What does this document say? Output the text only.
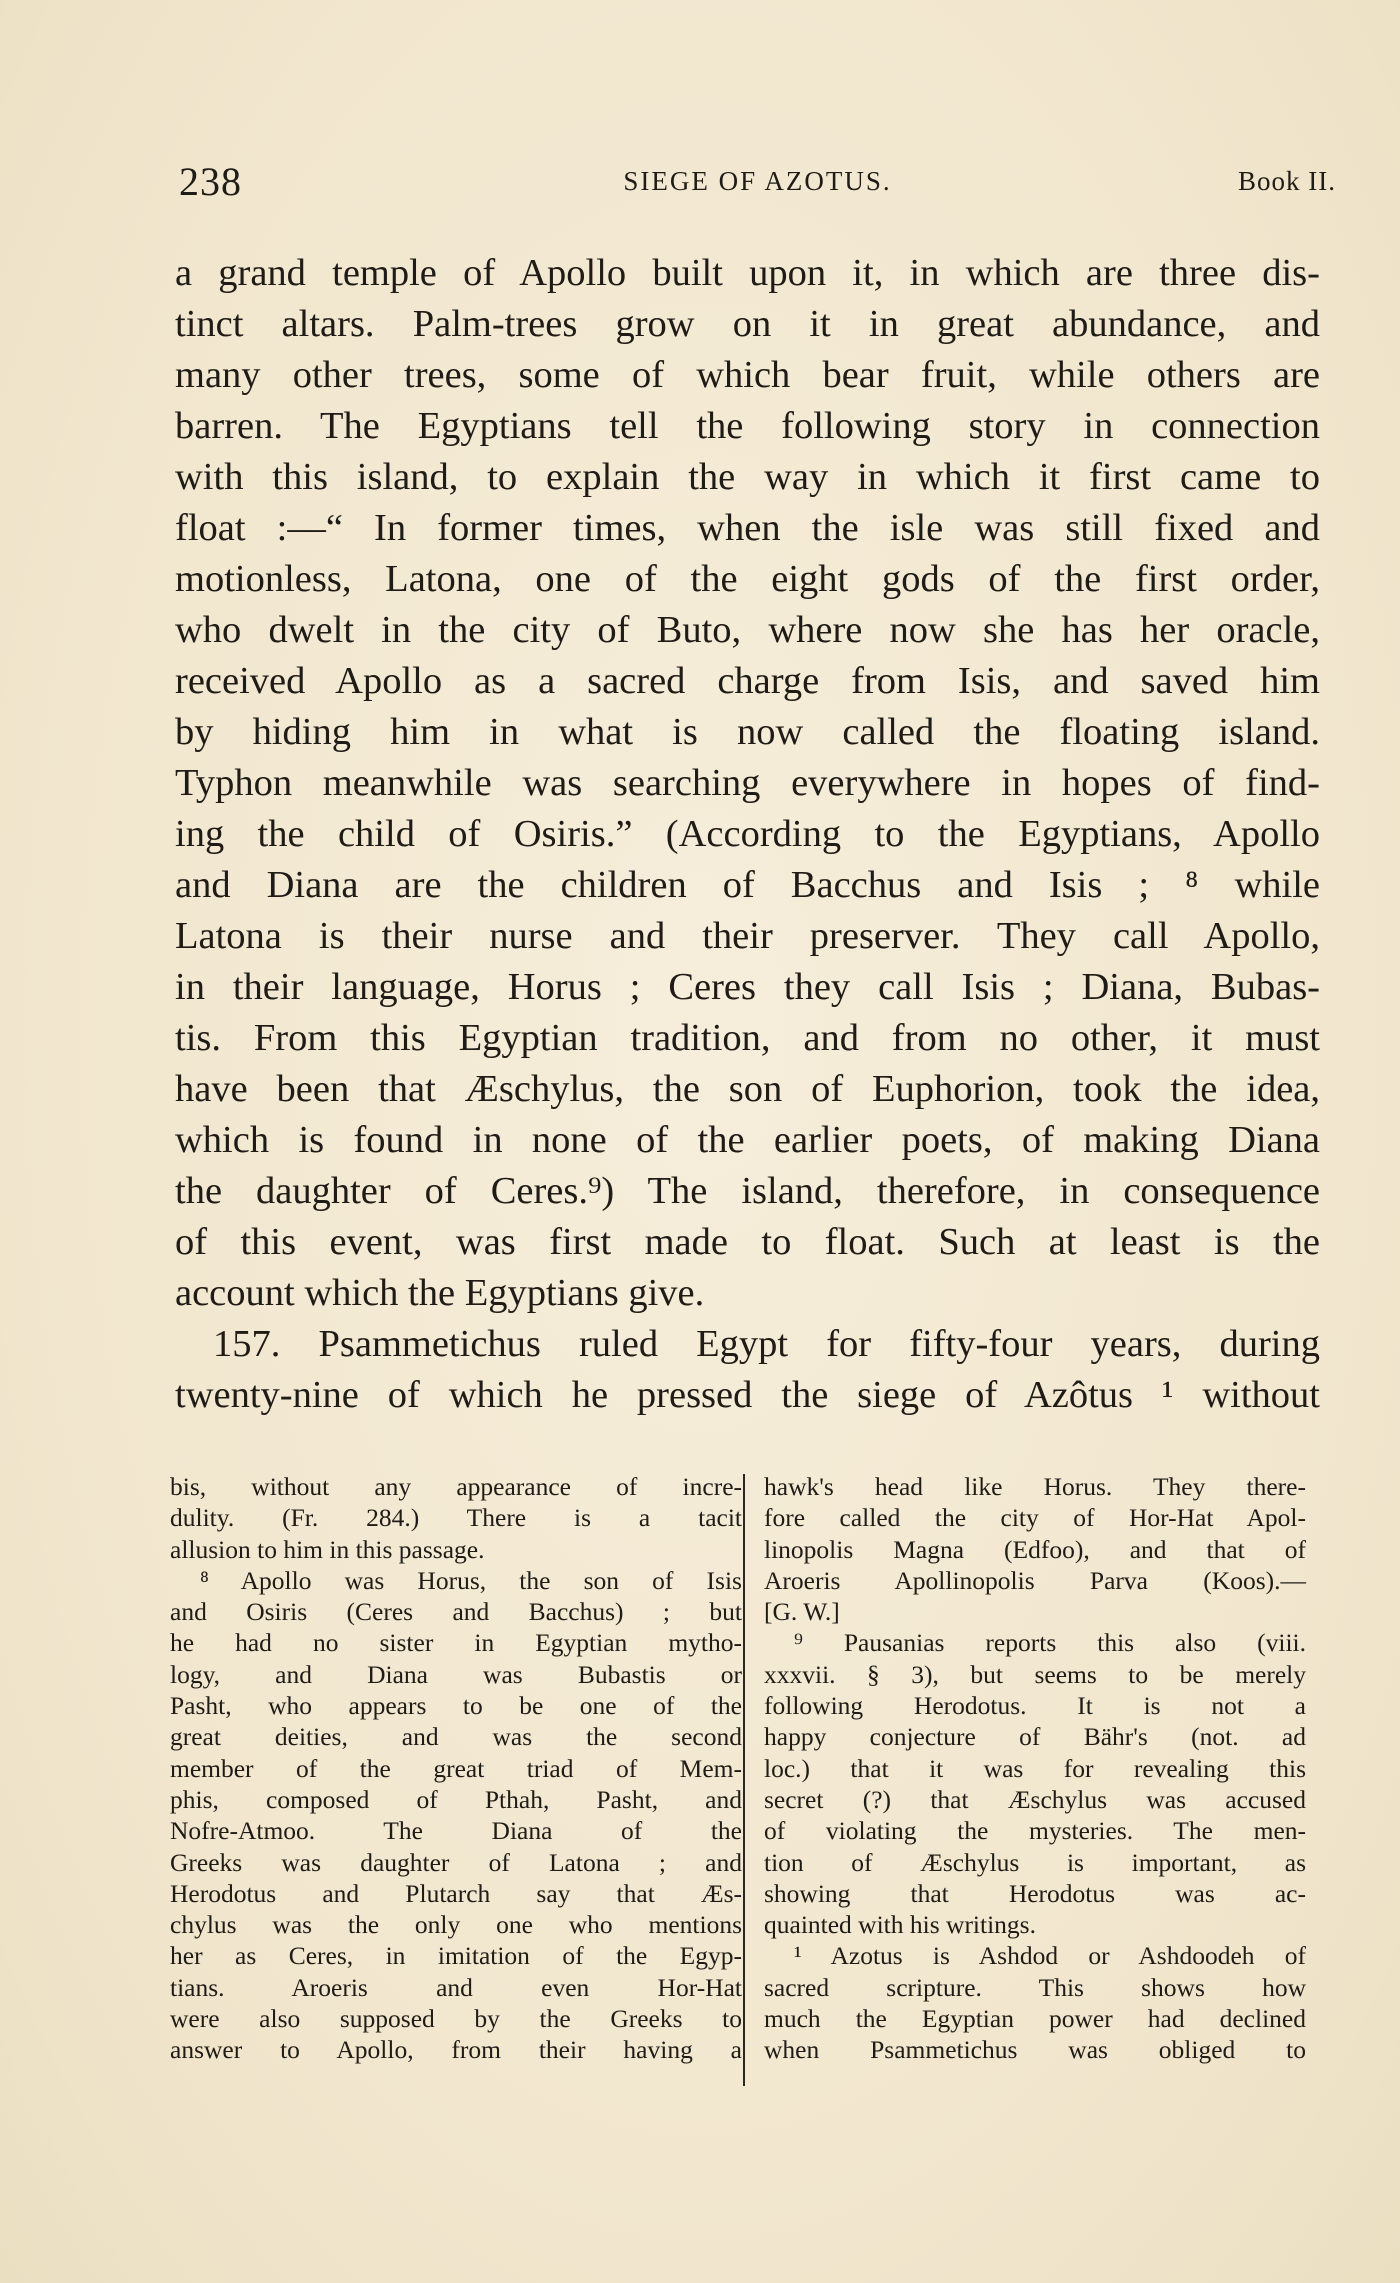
238	SIEGE OF AZOTUS.	Book II.
a grand temple of Apollo built upon it, in which are three dis-
tinct altars. Palm-trees grow on it in great abundance, and
many other trees, some of which bear fruit, while others are
barren. The Egyptians tell the following story in connection
with this island, to explain the way in which it first came to
float :—“ In former times, when the isle was still fixed and
motionless, Latona, one of the eight gods of the first order,
who dwelt in the city of Buto, where now she has her oracle,
received Apollo as a sacred charge from Isis, and saved him
by hiding him in what is now called the floating island.
Typhon meanwhile was searching everywhere in hopes of find-
ing the child of Osiris.” (According to the Egyptians, Apollo
and Diana are the children of Bacchus and Isis ; ⁸ while
Latona is their nurse and their preserver. They call Apollo,
in their language, Horus ; Ceres they call Isis ; Diana, Bubas-
tis. From this Egyptian tradition, and from no other, it must
have been that Æschylus, the son of Euphorion, took the idea,
which is found in none of the earlier poets, of making Diana
the daughter of Ceres.⁹) The island, therefore, in consequence
of this event, was first made to float. Such at least is the
account which the Egyptians give.
157. Psammetichus ruled Egypt for fifty-four years, during
twenty-nine of which he pressed the siege of Azôtus ¹ without
bis, without any appearance of incre-
dulity. (Fr. 284.) There is a tacit
allusion to him in this passage.
⁸ Apollo was Horus, the son of Isis
and Osiris (Ceres and Bacchus) ; but
he had no sister in Egyptian mytho-
logy, and Diana was Bubastis or
Pasht, who appears to be one of the
great deities, and was the second
member of the great triad of Mem-
phis, composed of Pthah, Pasht, and
Nofre-Atmoo. The Diana of the
Greeks was daughter of Latona ; and
Herodotus and Plutarch say that Æs-
chylus was the only one who mentions
her as Ceres, in imitation of the Egyp-
tians. Aroeris and even Hor-Hat
were also supposed by the Greeks to
answer to Apollo, from their having a
hawk's head like Horus. They there-
fore called the city of Hor-Hat Apol-
linopolis Magna (Edfoo), and that of
Aroeris Apollinopolis Parva (Koos).—
[G. W.]
⁹ Pausanias reports this also (viii.
xxxvii. § 3), but seems to be merely
following Herodotus. It is not a
happy conjecture of Bähr's (not. ad
loc.) that it was for revealing this
secret (?) that Æschylus was accused
of violating the mysteries. The men-
tion of Æschylus is important, as
showing that Herodotus was ac-
quainted with his writings.
¹ Azotus is Ashdod or Ashdoodeh of
sacred scripture. This shows how
much the Egyptian power had declined
when Psammetichus was obliged to
